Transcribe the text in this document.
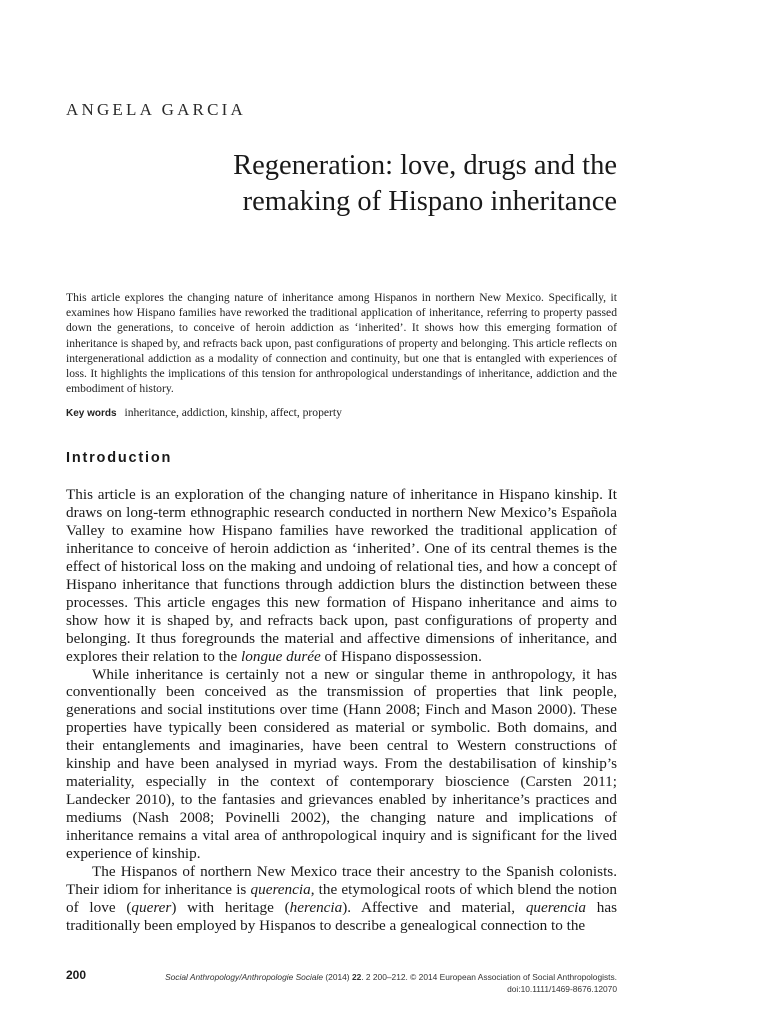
ANGELA GARCIA
Regeneration: love, drugs and the
remaking of Hispano inheritance
This article explores the changing nature of inheritance among Hispanos in northern New Mexico. Specifically, it examines how Hispano families have reworked the traditional application of inheritance, referring to property passed down the generations, to conceive of heroin addiction as ‘inherited’. It shows how this emerging formation of inheritance is shaped by, and refracts back upon, past configurations of property and belonging. This article reflects on intergenerational addiction as a modality of connection and continuity, but one that is entangled with experiences of loss. It highlights the implications of this tension for anthropological understandings of inheritance, addiction and the embodiment of history.
Key words inheritance, addiction, kinship, affect, property
Introduction

This article is an exploration of the changing nature of inheritance in Hispano kinship. It draws on long-term ethnographic research conducted in northern New Mexico’s Española Valley to examine how Hispano families have reworked the traditional application of inheritance to conceive of heroin addiction as ‘inherited’. One of its central themes is the effect of historical loss on the making and undoing of relational ties, and how a concept of Hispano inheritance that functions through addiction blurs the distinction between these processes. This article engages this new formation of Hispano inheritance and aims to show how it is shaped by, and refracts back upon, past configurations of property and belonging. It thus foregrounds the material and affective dimensions of inheritance, and explores their relation to the longue durée of Hispano dispossession.

While inheritance is certainly not a new or singular theme in anthropology, it has conventionally been conceived as the transmission of properties that link people, generations and social institutions over time (Hann 2008; Finch and Mason 2000). These properties have typically been considered as material or symbolic. Both domains, and their entanglements and imaginaries, have been central to Western constructions of kinship and have been analysed in myriad ways. From the destabilisation of kinship’s materiality, especially in the context of contemporary bioscience (Carsten 2011; Landecker 2010), to the fantasies and grievances enabled by inheritance’s practices and mediums (Nash 2008; Povinelli 2002), the changing nature and implications of inheritance remains a vital area of anthropological inquiry and is significant for the lived experience of kinship.

The Hispanos of northern New Mexico trace their ancestry to the Spanish colonists. Their idiom for inheritance is querencia, the etymological roots of which blend the notion of love (querer) with heritage (herencia). Affective and material, querencia has traditionally been employed by Hispanos to describe a genealogical connection to the

200	Social Anthropology/Anthropologie Sociale (2014) 22. 2 200–212. © 2014 European Association of Social Anthropologists.
doi:10.1111/1469-8676.12070
